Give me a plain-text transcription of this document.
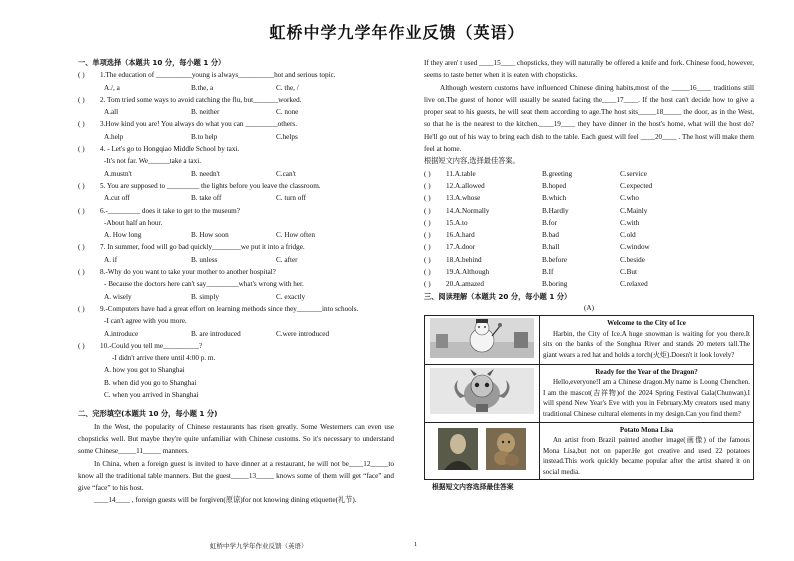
虹桥中学九学年作业反馈（英语）
一、单项选择（本题共 10 分，每小题 1 分）
( ) 1.The education of __________young is always__________hot and serious topic.
A./, a	B.the, a	C. the, /
( ) 2. Tom tried some ways to avoid catching the flu, but_______worked.
A.all	B. neither	C. none
( ) 3.How kind you are! You always do what you can _________others.
A.help	B.to help	C.helps
( ) 4. - Let's go to Hongqiao Middle School by taxi.
-It's not far. We______take a taxi.
A.mustn't	B. needn't	C.can't
( ) 5. You are supposed to _________ the lights before you leave the classroom.
A.cut off	B. take off	C. turn off
( ) 6.-_________ does it take to get to the museum?
-About half an hour.
A. How long	B. How soon	C. How often
( ) 7. In summer, food will go bad quickly________we put it into a fridge.
A. if	B. unless	C. after
( ) 8.-Why do you want to take your mother to another hospital?
- Because the doctors here can't say_________what's wrong with her.
A. wisely	B. simply	C. exactly
( ) 9.-Computers have had a great effort on learning methods since they_______into schools.
-I can't agree with you more.
A.introduce	B. are introduced	C.were introduced
( ) 10.-Could you tell me__________?
-I didn't arrive there until 4:00 p. m.
A. how you got to Shanghai
B. when did you go to Shanghai
C. when you arrived in Shanghai
二、完形填空(本题共 10 分，每小题 1 分)
In the West, the popularity of Chinese restaurants has risen greatly. Some Westerners can even use chopsticks well. But maybe they're quite unfamiliar with Chinese customs. So it's necessary to understand some Chinese_____11_____ manners.
In China, when a foreign guest is invited to have dinner at a restaurant, he will not be____12_____to know all the traditional table manners. But the guest_____13_____ knows some of them will get “face” and give “face” to his host.
____14____ , foreign guests will be forgiven(原谅)for not knowing dining etiquette(礼节).
If they aren' t used ____15____ chopsticks, they will naturally be offered a knife and fork. Chinese food, however, seems to taste better when it is eaten with chopsticks.
Although western customs have influenced Chinese dining habits,most of the _____16____ traditions still live on.The guest of honor will usually be seated facing the____17____. If the host can't decide how to give a proper seat to his guests, he will seat them according to age.The host sits_____18_____ the door, as in the West, so that he is the nearest to the kitchen.____19____ they have dinner in the host's home, what will the host do? He'll go out of his way to bring each dish to the table. Each guest will feel ____20____ . The host will make them feel at home.
根据短文内容,选择最佳答案。
( ) 11.A.table	B.greeting	C.service
( ) 12.A.allowed	B.hoped	C.expected
( ) 13.A.whose	B.which	C.who
( ) 14.A.Normally	B.Hardly	C.Mainly
( ) 15.A.to	B.for	C.with
( ) 16.A.hard	B.bad	C.old
( ) 17.A.door	B.hall	C.window
( ) 18.A.behind	B.before	C.beside
( ) 19.A.Although	B.If	C.But
( ) 20.A.amazed	B.boring	C.relaxed
三、阅读理解（本题共 20 分，每小题 1 分）
(A)

Welcome to the City of Ice
Harbin, the City of Ice.A huge snowman is waiting for you there.It sits on the banks of the Songhua River and stands 20 meters tall.The giant wears a red hat and holds a torch(火炬).Doesn't it look lovely?

Ready for the Year of the Dragon?
Hello,everyone!I am a Chinese dragon.My name is Loong Chenchen. I am the mascot(吉祥物)of the 2024 Spring Festival Gala(Chunwan).I will spend New Year's Eve with you in February.My creators used many traditional Chinese cultural elements in my design.Can you find them?

Potato Mona Lisa
An artist from Brazil painted another image(画像) of the famous Mona Lisa,but not on paper.He got creative and used 22 potatoes instead.This work quickly became popular after the artist shared it on social media.
根据短文内容选择最佳答案
虹桥中学九学年作业反馈（英语）	1
